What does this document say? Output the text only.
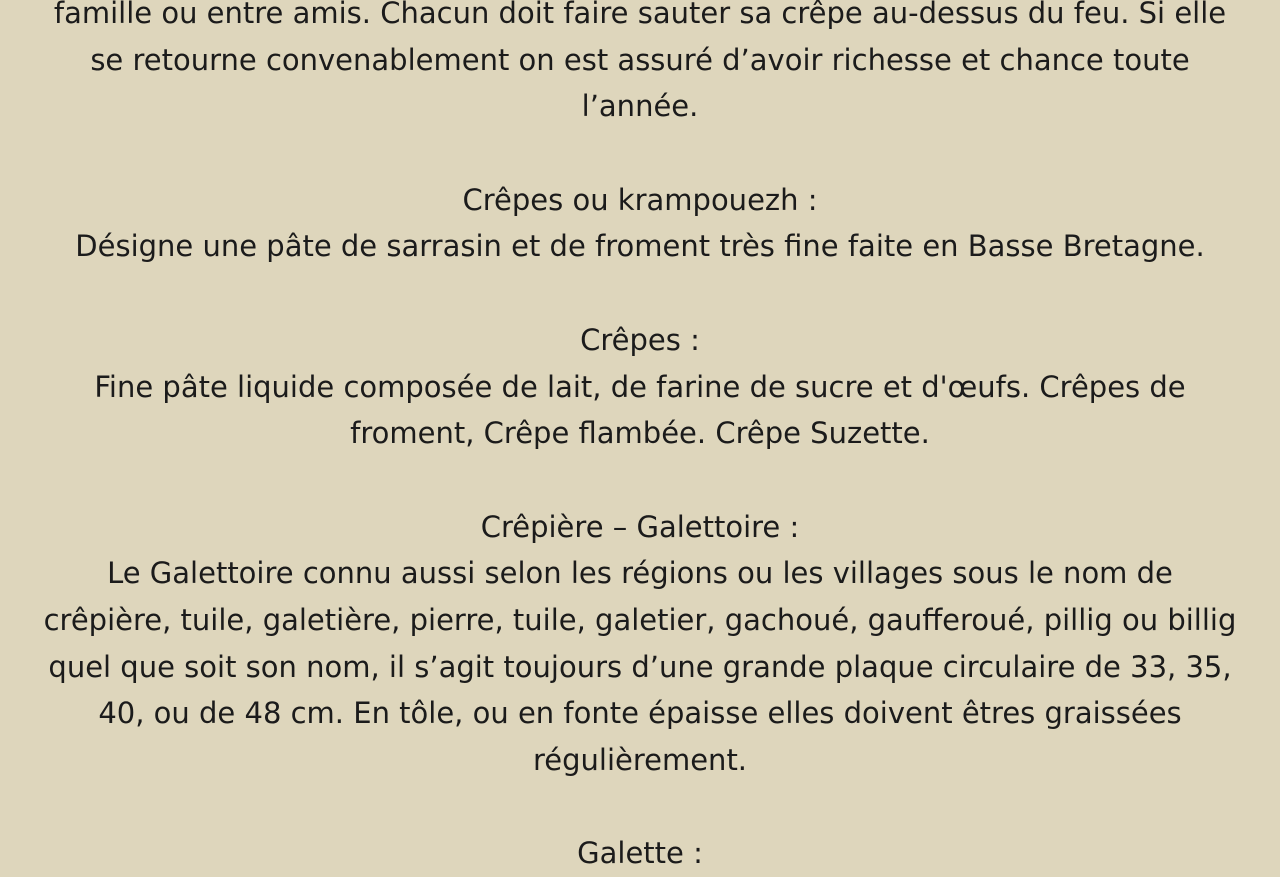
famille ou entre amis. Chacun doit faire sauter sa crêpe au-dessus du feu. Si elle
se retourne convenablement on est assuré d’avoir richesse et chance toute
l’année.
Crêpes ou krampouezh :
Désigne une pâte de sarrasin et de froment très fine faite en Basse Bretagne.
Crêpes :
Fine pâte liquide composée de lait, de farine de sucre et d'œufs. Crêpes de
froment, Crêpe flambée. Crêpe Suzette.
Crêpière – Galettoire :
Le Galettoire connu aussi selon les régions ou les villages sous le nom de
crêpière, tuile, galetière, pierre, tuile, galetier, gachoué, gaufferoué, pillig ou billig
quel que soit son nom, il s’agit toujours d’une grande plaque circulaire de 33, 35,
40, ou de 48 cm. En tôle, ou en fonte épaisse elles doivent êtres graissées
régulièrement.
Galette :
